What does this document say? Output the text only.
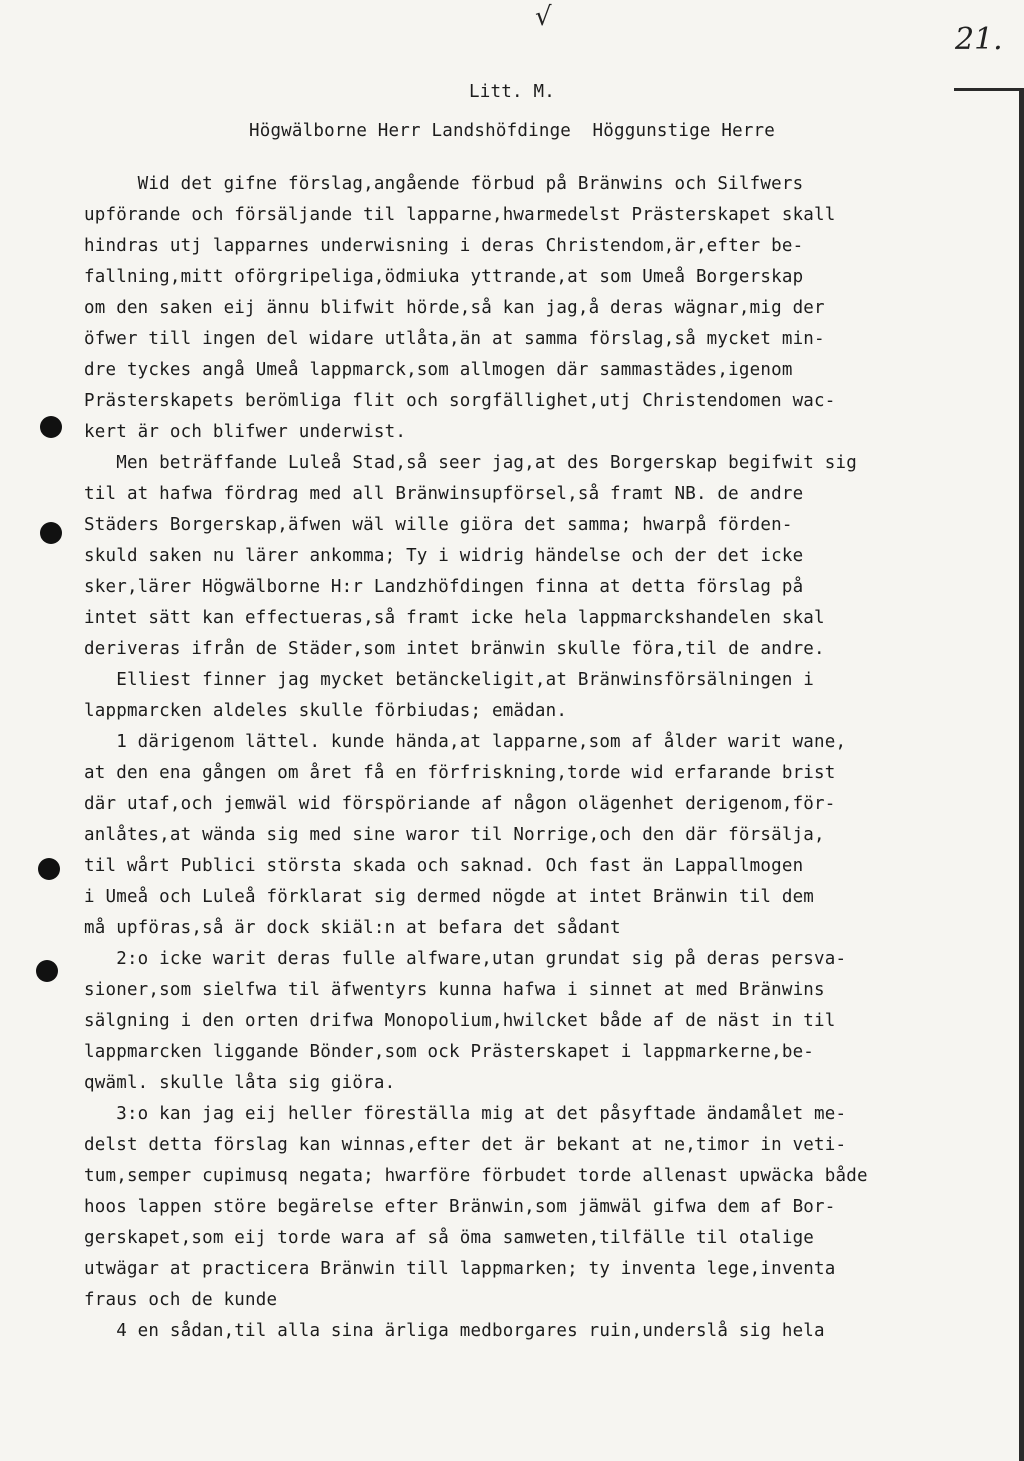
√
21.
Litt. M.
Högwälborne Herr Landshöfdinge  Höggunstige Herre
Wid det gifne förslag,angående förbud på Bränwins och Silfwers
upförande och försäljande til lapparne,hwarmedelst Prästerskapet skall
hindras utj lapparnes underwisning i deras Christendom,är,efter be-
fallning,mitt oförgripeliga,ödmiuka yttrande,at som Umeå Borgerskap
om den saken eij ännu blifwit hörde,så kan jag,å deras wägnar,mig der
öfwer till ingen del widare utlåta,än at samma förslag,så mycket min-
dre tyckes angå Umeå lappmarck,som allmogen där sammastädes,igenom
Prästerskapets berömliga flit och sorgfällighet,utj Christendomen wac-
kert är och blifwer underwist.
Men beträffande Luleå Stad,så seer jag,at des Borgerskap begifwit sig
til at hafwa fördrag med all Bränwinsupförsel,så framt NB. de andre
Städers Borgerskap,äfwen wäl wille giöra det samma; hwarpå förden-
skuld saken nu lärer ankomma; Ty i widrig händelse och der det icke
sker,lärer Högwälborne H:r Landzhöfdingen finna at detta förslag på
intet sätt kan effectueras,så framt icke hela lappmarckshandelen skal
deriveras ifrån de Städer,som intet bränwin skulle föra,til de andre.
Elliest finner jag mycket betänckeligit,at Bränwinsförsälningen i
lappmarcken aldeles skulle förbiudas; emädan.
1 därigenom lättel. kunde hända,at lapparne,som af ålder warit wane,
at den ena gången om året få en förfriskning,torde wid erfarande brist
där utaf,och jemwäl wid förspöriande af någon olägenhet derigenom,för-
anlåtes,at wända sig med sine waror til Norrige,och den där försälja,
til wårt Publici största skada och saknad. Och fast än Lappallmogen
i Umeå och Luleå förklarat sig dermed nögde at intet Bränwin til dem
må upföras,så är dock skiäl:n at befara det sådant
2:o icke warit deras fulle alfware,utan grundat sig på deras persva-
sioner,som sielfwa til äfwentyrs kunna hafwa i sinnet at med Bränwins
sälgning i den orten drifwa Monopolium,hwilcket både af de näst in til
lappmarcken liggande Bönder,som ock Prästerskapet i lappmarkerne,be-
qwäml. skulle låta sig giöra.
3:o kan jag eij heller föreställa mig at det påsyftade ändamålet me-
delst detta förslag kan winnas,efter det är bekant at ne,timor in veti-
tum,semper cupimusq negata; hwarföre förbudet torde allenast upwäcka både
hoos lappen störe begärelse efter Bränwin,som jämwäl gifwa dem af Bor-
gerskapet,som eij torde wara af så öma samweten,tilfälle til otalige
utwägar at practicera Bränwin till lappmarken; ty inventa lege,inventa
fraus och de kunde
4 en sådan,til alla sina ärliga medborgares ruin,underslå sig hela
